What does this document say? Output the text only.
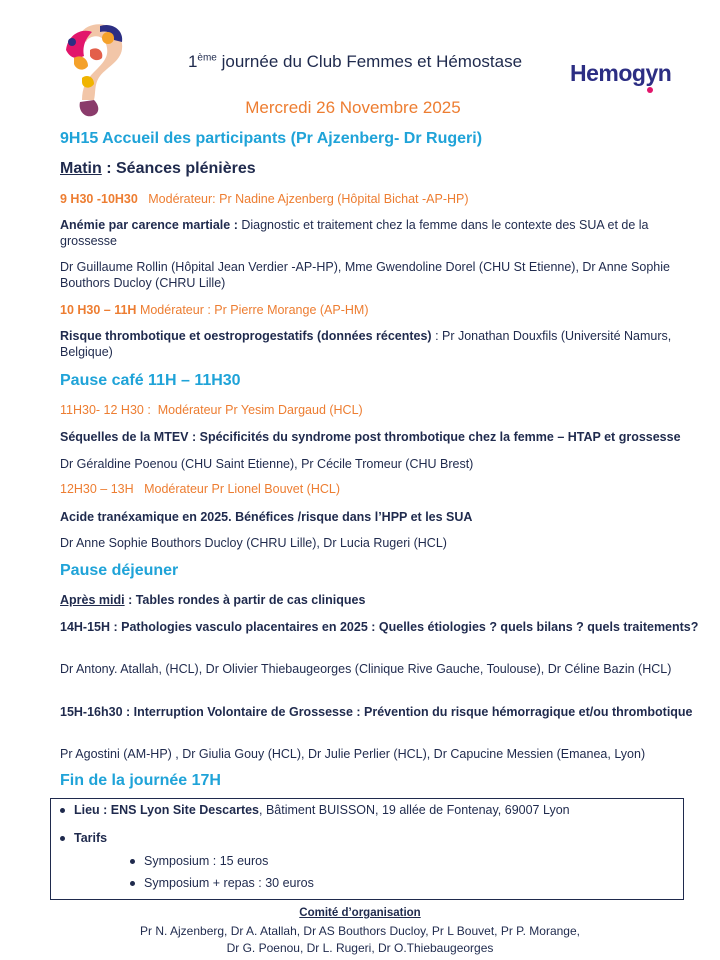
1ème journée du Club Femmes et Hémostase	Hemogyn
Mercredi 26 Novembre 2025
9H15 Accueil des participants (Pr Ajzenberg- Dr Rugeri)
Matin : Séances plénières
9 H30 -10H30 Modérateur: Pr Nadine Ajzenberg (Hôpital Bichat -AP-HP)
Anémie par carence martiale : Diagnostic et traitement chez la femme dans le contexte des SUA et de la grossesse
Dr Guillaume Rollin (Hôpital Jean Verdier -AP-HP), Mme Gwendoline Dorel (CHU St Etienne), Dr Anne Sophie Bouthors Ducloy (CHRU Lille)
10 H30 – 11H Modérateur : Pr Pierre Morange (AP-HM)
Risque thrombotique et oestroprogestatifs (données récentes) : Pr Jonathan Douxfils (Université Namurs, Belgique)
Pause café 11H – 11H30
11H30- 12 H30 : Modérateur Pr Yesim Dargaud (HCL)
Séquelles de la MTEV : Spécificités du syndrome post thrombotique chez la femme – HTAP et grossesse
Dr Géraldine Poenou (CHU Saint Etienne), Pr Cécile Tromeur (CHU Brest)
12H30 – 13H Modérateur Pr Lionel Bouvet (HCL)
Acide tranéxamique en 2025. Bénéfices /risque dans l’HPP et les SUA
Dr Anne Sophie Bouthors Ducloy (CHRU Lille), Dr Lucia Rugeri (HCL)
Pause déjeuner
Après midi : Tables rondes à partir de cas cliniques
14H-15H : Pathologies vasculo placentaires en 2025 : Quelles étiologies ? quels bilans ? quels traitements?
Dr Antony. Atallah, (HCL), Dr Olivier Thiebaugeorges (Clinique Rive Gauche, Toulouse), Dr Céline Bazin (HCL)
15H-16h30 : Interruption Volontaire de Grossesse : Prévention du risque hémorragique et/ou thrombotique
Pr Agostini (AM-HP) , Dr Giulia Gouy (HCL), Dr Julie Perlier (HCL), Dr Capucine Messien (Emanea, Lyon)
Fin de la journée 17H
Lieu : ENS Lyon Site Descartes, Bâtiment BUISSON, 19 allée de Fontenay, 69007 Lyon
Tarifs
Symposium : 15 euros
Symposium + repas : 30 euros
Comité d’organisation
Pr N. Ajzenberg, Dr A. Atallah, Dr AS Bouthors Ducloy, Pr L Bouvet, Pr P. Morange,
Dr G. Poenou, Dr L. Rugeri, Dr O.Thiebaugeorges
